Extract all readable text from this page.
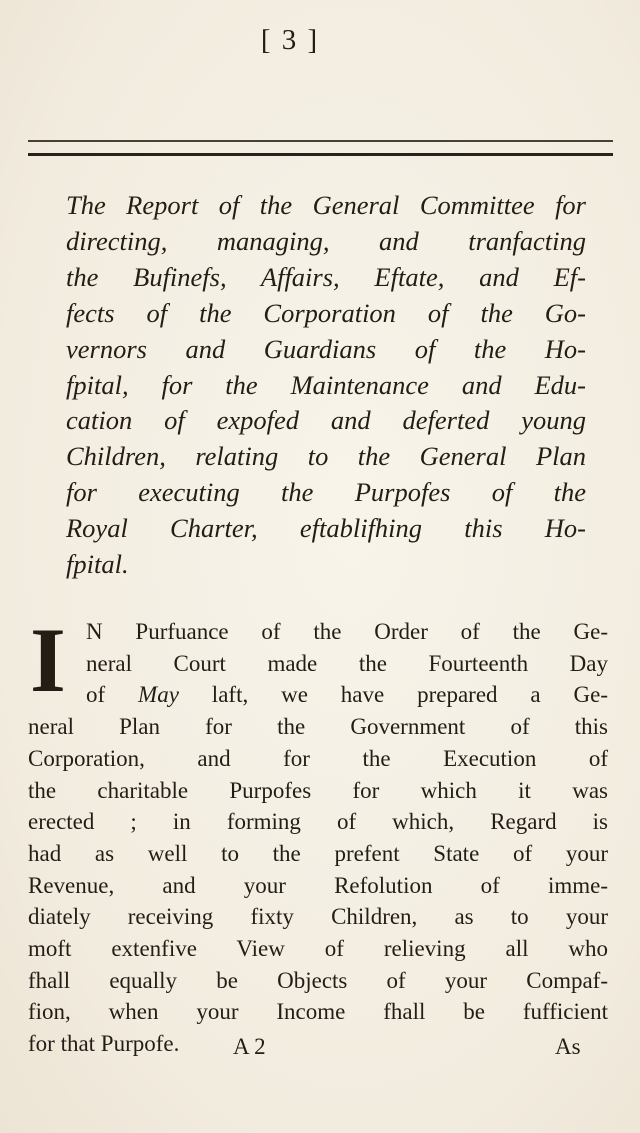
[ 3 ]
The Report of the General Committee for
directing, managing, and tranfacting
the Bufinefs, Affairs, Eftate, and Ef-
fects of the Corporation of the Go-
vernors and Guardians of the Ho-
fpital, for the Maintenance and Edu-
cation of expofed and deferted young
Children, relating to the General Plan
for executing the Purpofes of the
Royal Charter, eftablifhing this Ho-
fpital.
I N Purfuance of the Order of the Ge-
neral Court made the Fourteenth Day
of May laft, we have prepared a Ge-
neral Plan for the Government of this
Corporation, and for the Execution of
the charitable Purpofes for which it was
erected ; in forming of which, Regard is
had as well to the prefent State of your
Revenue, and your Refolution of imme-
diately receiving fixty Children, as to your
moft extenfive View of relieving all who
fhall equally be Objects of your Compaf-
fion, when your Income fhall be fufficient
for that Purpofe.	A 2	As
